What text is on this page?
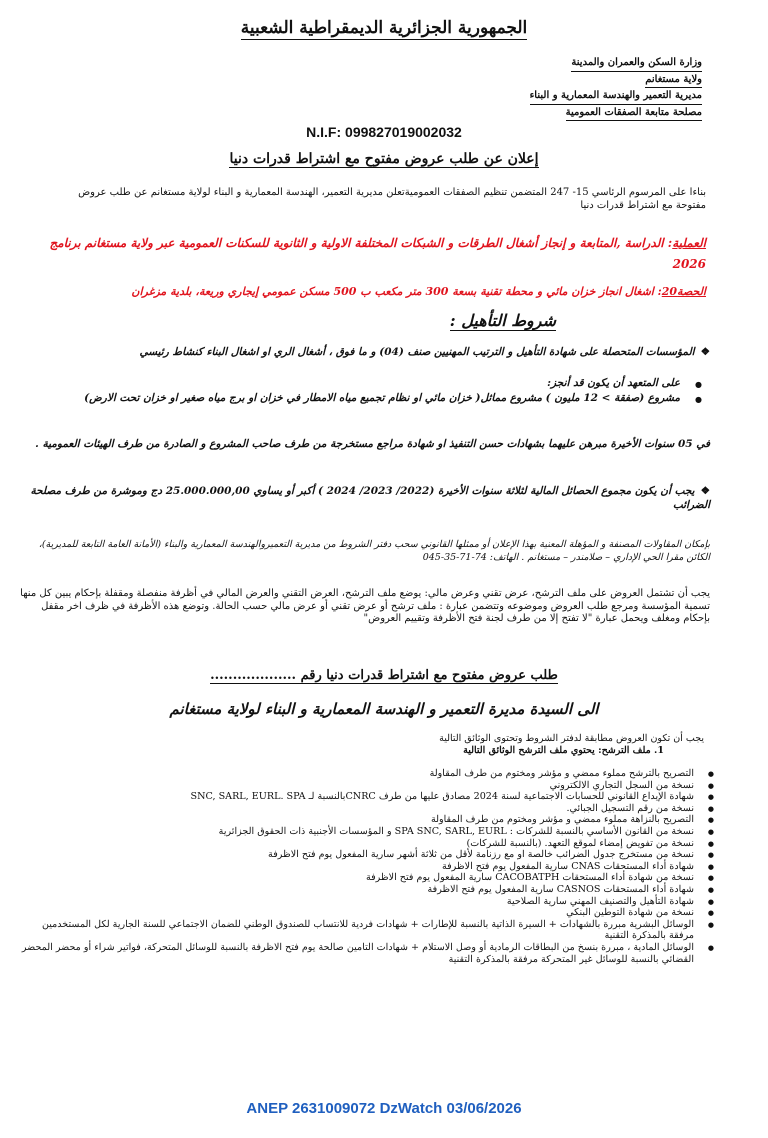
الجمهورية الجزائرية الديمقراطية الشعبية
وزارة السكن والعمران والمدينة
ولاية مستغانم
مديرية التعمير والهندسة المعمارية و البناء
مصلحة متابعة الصفقات العمومية
N.I.F: 099827019002032
إعلان عن طلب عروض مفتوح مع اشتراط قدرات دنيا
بناءا على المرسوم الرئاسي 15- 247 المتضمن تنظيم الصفقات العموميةتعلن مديرية التعمير، الهندسة المعمارية و البناء لولاية مستغانم عن طلب عروض مفتوحة مع اشتراط قدرات دنيا
العملية: الدراسة ,المتابعة و إنجاز أشغال الطرقات و الشبكات المختلفة الاولية و الثانوية للسكنات العمومية عبر ولاية مستغانم برنامج 2026
الحصة20: اشغال انجاز خزان مائي و محطة تقنية بسعة 300 متر مكعب ب 500 مسكن عمومي إيجاري وريعة، بلدية مزغران
شروط التأهيل :
❖المؤسسات المتحصلة على شهادة التأهيل و الترتيب المهنيين صنف (04) و ما فوق ، أشغال الري او اشغال البناء كنشاط رئيسي
● على المتعهد أن يكون قد أنجز:
● مشروع (صفقة > 12 مليون ) مشروع مماثل( خزان مائي او نظام تجميع مياه الامطار في خزان او برج مياه صغير او خزان تحت الارض)
في 05 سنوات الأخيرة مبرهن عليهما بشهادات حسن التنفيذ او شهادة مراجع مستخرجة من طرف صاحب المشروع و الصادرة من طرف الهيئات العمومية .
❖يجب أن يكون مجموع الحصائل المالية لثلاثة سنوات الأخيرة (2022/ 2023/ 2024 ) أكبر أو يساوي 25.000.000,00 دج وموشرة من طرف مصلحة الضرائب
بإمكان المقاولات المصنفة و المؤهلة المعنية بهذا الإعلان أو ممثلها القانوني سحب دفتر الشروط من مديرية التعميروالهندسة المعمارية والبناء (الأمانة العامة التابعة للمديرية)، الكائن مقرا الحي الإداري – صلامندر – مستغانم . الهاتف: 74-71-35-045
يجب أن تشتمل العروض على ملف الترشح، عرض تقني وعرض مالي: يوضع ملف الترشح، العرض التقني والعرض المالي في أظرفة منفصلة ومقفلة بإحكام يبين كل منها تسمية المؤسسة ومرجع طلب العروض وموضوعه وتتضمن عبارة : ملف ترشح أو عرض تقني أو عرض مالي حسب الحالة. وتوضع هذه الأظرفة في ظرف اخر مقفل بإحكام ومغلف ويحمل عبارة "لا تفتح إلا من طرف لجنة فتح الأظرفة وتقييم العروض"
طلب عروض مفتوح مع اشتراط قدرات دنيا رقم ...................
الى السيدة مديرة التعمير و الهندسة المعمارية و البناء لولاية مستغانم
يجب أن تكون العروض مطابقة لدفتر الشروط وتحتوى الوثائق التالية
1. ملف الترشح: يحتوي ملف الترشح الوثائق التالية
● التصريح بالترشح مملوء ممضي و مؤشر ومختوم من طرف المقاولة
● نسخة من السجل التجاري الالكتروني
● شهادة الإيداع القانوني للحسابات الاجتماعية لسنة 2024 مصادق عليها من طرف CNRCبالنسبة لـ SNC, SARL, EURL. SPA
● نسخة من رقم التسجيل الجبائي.
● التصريح بالنزاهة مملوء ممضي و مؤشر ومختوم من طرف المقاولة
● نسخة من القانون الأساسي بالنسبة للشركات : SPA SNC, SARL, EURL و المؤسسات الأجنبية ذات الحقوق الجزائرية
● نسخة من تفويض إمضاء لموقع التعهد. (بالنسبة للشركات)
● نسخة من مستخرج جدول الضرائب خالصة او مع رزنامة لأقل من ثلاثة أشهر سارية المفعول يوم فتح الاظرفة
● شهادة أداء المستحقات CNAS سارية المفعول يوم فتح الاظرفة
● نسخة من شهادة أداء المستحقات CACOBATPH سارية المفعول يوم فتح الاظرفة
● شهادة أداء المستحقات CASNOS سارية المفعول يوم فتح الاظرفة
● شهادة التأهيل والتصنيف المهني سارية الصلاحية
● نسخة من شهادة التوطين البنكي
● الوسائل البشرية مبررة بالشهادات + السيرة الذاتية بالنسبة للإطارات + شهادات فردية للانتساب للصندوق الوطني للضمان الاجتماعي للسنة الجارية لكل المستخدمين مرفقة بالمذكرة التقنية
● الوسائل المادية ، مبررة بنسخ من البطاقات الرمادية أو وصل الاستلام + شهادات التامين صالحة يوم فتح الاظرفة بالنسبة للوسائل المتحركة، فواتير شراء أو محضر المحضر القضائي بالنسبة للوسائل غير المتحركة مرفقة بالمذكرة التقنية
ANEP 2631009072 DzWatch 03/06/2026
